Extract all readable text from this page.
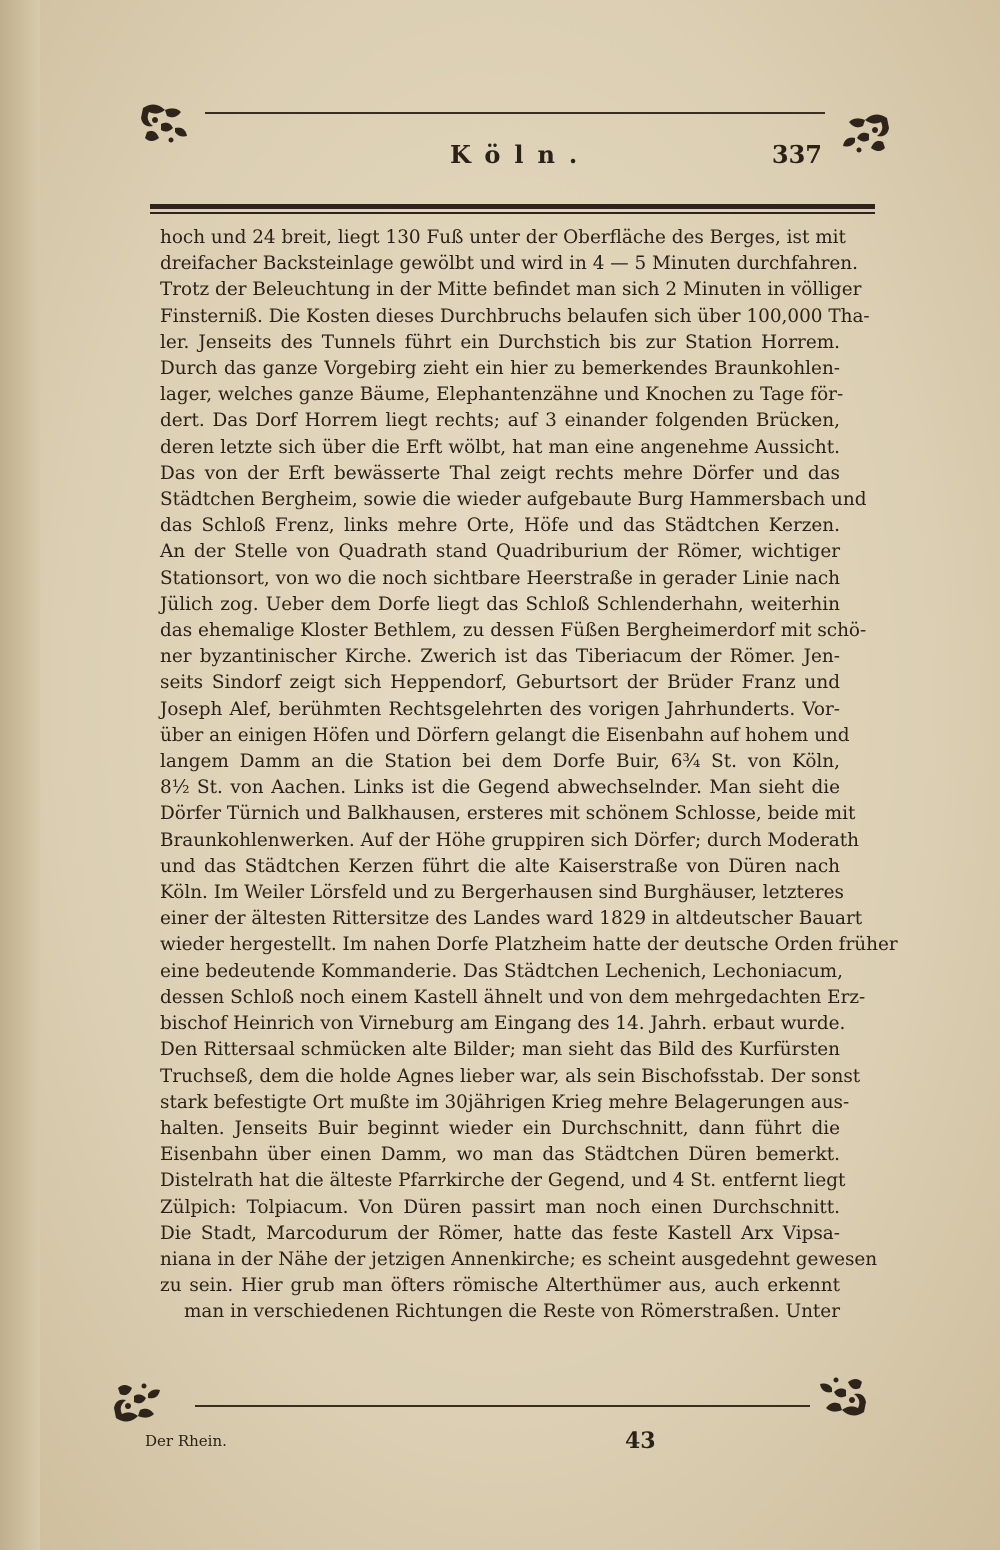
Köln.	337
hoch und 24 breit, liegt 130 Fuß unter der Oberfläche des Berges, ist mit
dreifacher Backsteinlage gewölbt und wird in 4 — 5 Minuten durchfahren.
Trotz der Beleuchtung in der Mitte befindet man sich 2 Minuten in völliger
Finsterniß. Die Kosten dieses Durchbruchs belaufen sich über 100,000 Tha-
ler. Jenseits des Tunnels führt ein Durchstich bis zur Station Horrem.
Durch das ganze Vorgebirg zieht ein hier zu bemerkendes Braunkohlen-
lager, welches ganze Bäume, Elephantenzähne und Knochen zu Tage för-
dert. Das Dorf Horrem liegt rechts; auf 3 einander folgenden Brücken,
deren letzte sich über die Erft wölbt, hat man eine angenehme Aussicht.
Das von der Erft bewässerte Thal zeigt rechts mehre Dörfer und das
Städtchen Bergheim, sowie die wieder aufgebaute Burg Hammersbach und
das Schloß Frenz, links mehre Orte, Höfe und das Städtchen Kerzen.
An der Stelle von Quadrath stand Quadriburium der Römer, wichtiger
Stationsort, von wo die noch sichtbare Heerstraße in gerader Linie nach
Jülich zog. Ueber dem Dorfe liegt das Schloß Schlenderhahn, weiterhin
das ehemalige Kloster Bethlem, zu dessen Füßen Bergheimerdorf mit schö-
ner byzantinischer Kirche. Zwerich ist das Tiberiacum der Römer. Jen-
seits Sindorf zeigt sich Heppendorf, Geburtsort der Brüder Franz und
Joseph Alef, berühmten Rechtsgelehrten des vorigen Jahrhunderts. Vor-
über an einigen Höfen und Dörfern gelangt die Eisenbahn auf hohem und
langem Damm an die Station bei dem Dorfe Buir, 6¾ St. von Köln,
8½ St. von Aachen. Links ist die Gegend abwechselnder. Man sieht die
Dörfer Türnich und Balkhausen, ersteres mit schönem Schlosse, beide mit
Braunkohlenwerken. Auf der Höhe gruppiren sich Dörfer; durch Moderath
und das Städtchen Kerzen führt die alte Kaiserstraße von Düren nach
Köln. Im Weiler Lörsfeld und zu Bergerhausen sind Burghäuser, letzteres
einer der ältesten Rittersitze des Landes ward 1829 in altdeutscher Bauart
wieder hergestellt. Im nahen Dorfe Platzheim hatte der deutsche Orden früher
eine bedeutende Kommanderie. Das Städtchen Lechenich, Lechoniacum,
dessen Schloß noch einem Kastell ähnelt und von dem mehrgedachten Erz-
bischof Heinrich von Virneburg am Eingang des 14. Jahrh. erbaut wurde.
Den Rittersaal schmücken alte Bilder; man sieht das Bild des Kurfürsten
Truchseß, dem die holde Agnes lieber war, als sein Bischofsstab. Der sonst
stark befestigte Ort mußte im 30jährigen Krieg mehre Belagerungen aus-
halten. Jenseits Buir beginnt wieder ein Durchschnitt, dann führt die
Eisenbahn über einen Damm, wo man das Städtchen Düren bemerkt.
Distelrath hat die älteste Pfarrkirche der Gegend, und 4 St. entfernt liegt
Zülpich: Tolpiacum. Von Düren passirt man noch einen Durchschnitt.
Die Stadt, Marcodurum der Römer, hatte das feste Kastell Arx Vipsa-
niana in der Nähe der jetzigen Annenkirche; es scheint ausgedehnt gewesen
zu sein. Hier grub man öfters römische Alterthümer aus, auch erkennt
man in verschiedenen Richtungen die Reste von Römerstraßen. Unter
Der Rhein.	43
